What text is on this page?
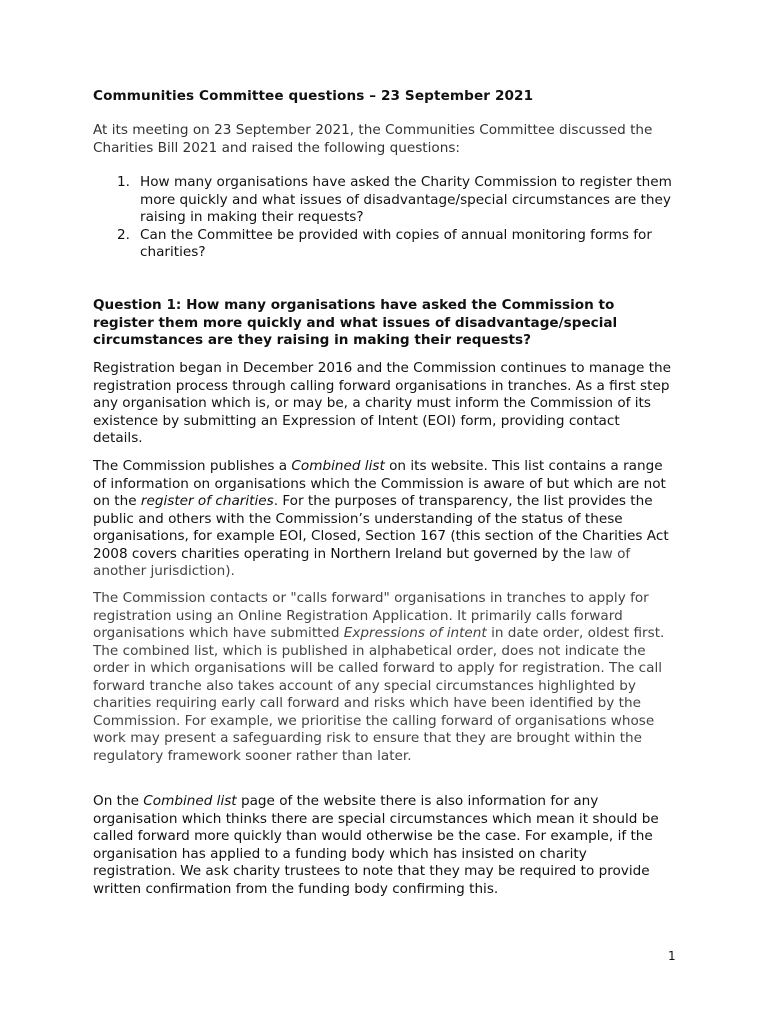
Communities Committee questions – 23 September 2021
At its meeting on 23 September 2021, the Communities Committee discussed the Charities Bill 2021 and raised the following questions:
1. How many organisations have asked the Charity Commission to register them more quickly and what issues of disadvantage/special circumstances are they raising in making their requests?
2. Can the Committee be provided with copies of annual monitoring forms for charities?
Question 1: How many organisations have asked the Commission to register them more quickly and what issues of disadvantage/special circumstances are they raising in making their requests?

Registration began in December 2016 and the Commission continues to manage the registration process through calling forward organisations in tranches. As a first step any organisation which is, or may be, a charity must inform the Commission of its existence by submitting an Expression of Intent (EOI) form, providing contact details.

The Commission publishes a Combined list on its website. This list contains a range of information on organisations which the Commission is aware of but which are not on the register of charities. For the purposes of transparency, the list provides the public and others with the Commission’s understanding of the status of these organisations, for example EOI, Closed, Section 167 (this section of the Charities Act 2008 covers charities operating in Northern Ireland but governed by the law of another jurisdiction).

The Commission contacts or "calls forward" organisations in tranches to apply for registration using an Online Registration Application. It primarily calls forward organisations which have submitted Expressions of intent in date order, oldest first. The combined list, which is published in alphabetical order, does not indicate the order in which organisations will be called forward to apply for registration. The call forward tranche also takes account of any special circumstances highlighted by charities requiring early call forward and risks which have been identified by the Commission. For example, we prioritise the calling forward of organisations whose work may present a safeguarding risk to ensure that they are brought within the regulatory framework sooner rather than later.

On the Combined list page of the website there is also information for any organisation which thinks there are special circumstances which mean it should be called forward more quickly than would otherwise be the case. For example, if the organisation has applied to a funding body which has insisted on charity registration. We ask charity trustees to note that they may be required to provide written confirmation from the funding body confirming this.

1
